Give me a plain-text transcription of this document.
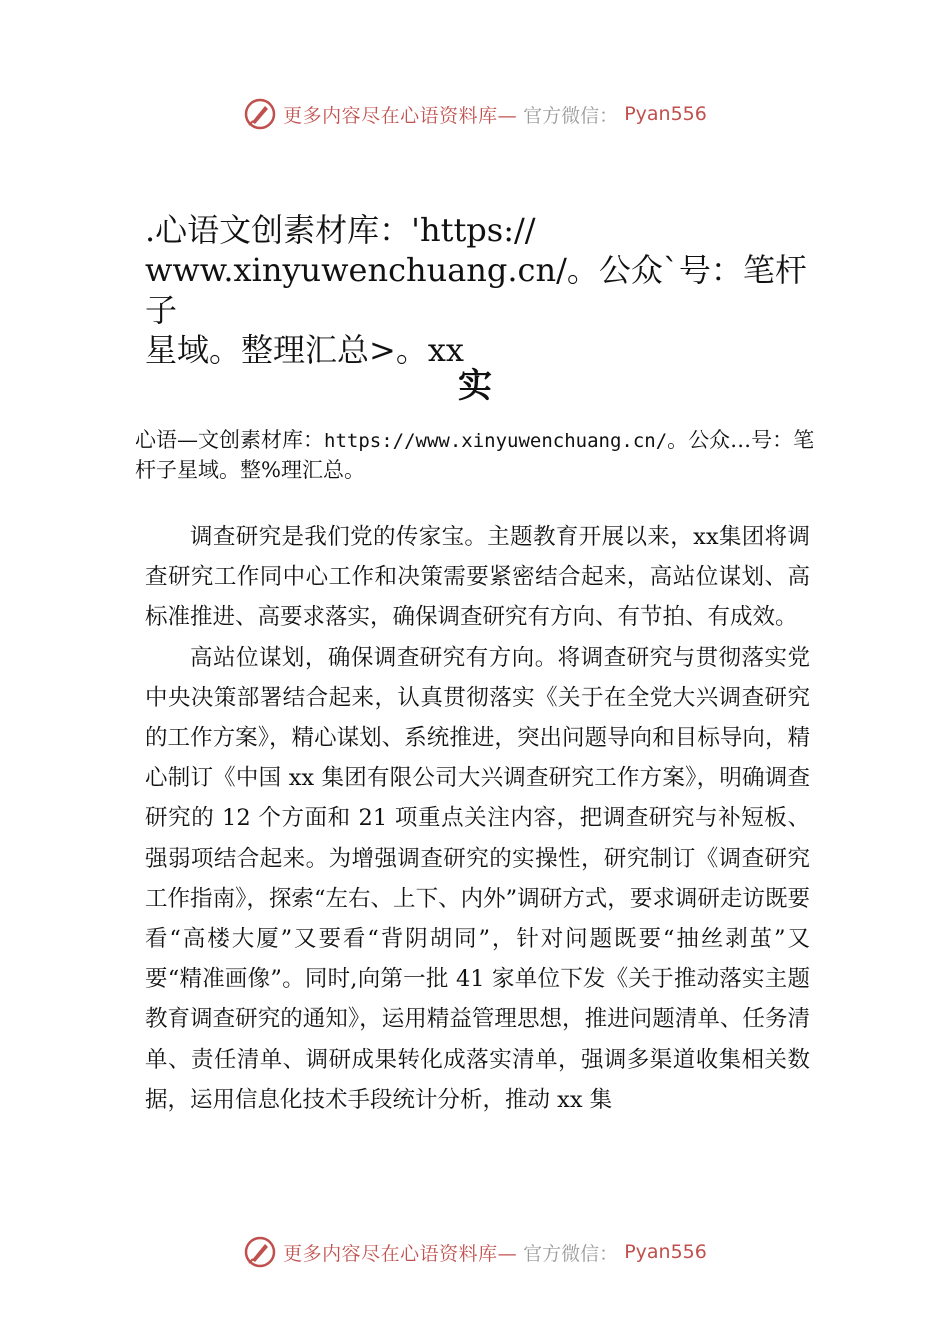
更多内容尽在心语资料库— 官方微信： Pyan556
.心语文创素材库：'https://
www.xinyuwenchuang.cn/。公众`号：笔杆子
星域。整理汇总>。xx
实

心语—文创素材库：https://www.xinyuwenchuang.cn/。公众…号：笔杆子星域。整%理汇总。

调查研究是我们党的传家宝。主题教育开展以来，xx集团将调查研究工作同中心工作和决策需要紧密结合起来，高站位谋划、高标准推进、高要求落实，确保调查研究有方向、有节拍、有成效。

高站位谋划，确保调查研究有方向。将调查研究与贯彻落实党中央决策部署结合起来，认真贯彻落实《关于在全党大兴调查研究的工作方案》，精心谋划、系统推进，突出问题导向和目标导向，精心制订《中国 xx 集团有限公司大兴调查研究工作方案》，明确调查研究的 12 个方面和 21 项重点关注内容，把调查研究与补短板、强弱项结合起来。为增强调查研究的实操性，研究制订《调查研究工作指南》，探索“左右、上下、内外”调研方式，要求调研走访既要看“高楼大厦”又要看“背阴胡同”，针对问题既要“抽丝剥茧”又要“精准画像”。同时,向第一批 41 家单位下发《关于推动落实主题教育调查研究的通知》，运用精益管理思想，推进问题清单、任务清单、责任清单、调研成果转化成落实清单，强调多渠道收集相关数据，运用信息化技术手段统计分析，推动 xx 集

更多内容尽在心语资料库— 官方微信： Pyan556
